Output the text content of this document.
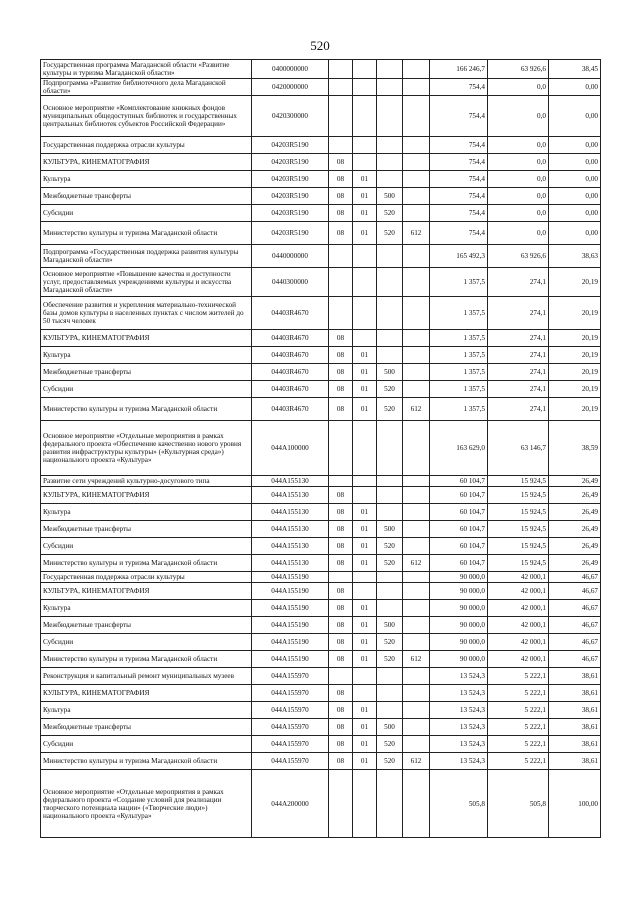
520
Государственная программа Магаданской области «Развитие культуры и туризма Магаданской области»	0400000000					166 246,7	63 926,6	38,45
Подпрограмма «Развитие библиотечного дела Магаданской области»	0420000000					754,4	0,0	0,00
Основное мероприятие «Комплектование книжных фондов муниципальных общедоступных библиотек и государственных центральных библиотек субъектов Российской Федерации»	0420300000					754,4	0,0	0,00
Государственная поддержка отрасли культуры	04203R5190					754,4	0,0	0,00
КУЛЬТУРА, КИНЕМАТОГРАФИЯ	04203R5190	08				754,4	0,0	0,00
Культура	04203R5190	08	01			754,4	0,0	0,00
Межбюджетные трансферты	04203R5190	08	01	500		754,4	0,0	0,00
Субсидии	04203R5190	08	01	520		754,4	0,0	0,00
Министерство культуры и туризма Магаданской области	04203R5190	08	01	520	612	754,4	0,0	0,00
Подпрограмма «Государственная поддержка развития культуры Магаданской области»	0440000000					165 492,3	63 926,6	38,63
Основное мероприятие «Повышение качества и доступности услуг, предоставляемых учреждениями культуры и искусства Магаданской области»	0440300000					1 357,5	274,1	20,19
Обеспечение развития и укрепления материально-технической базы домов культуры в населенных пунктах с числом жителей до 50 тысяч человек	04403R4670					1 357,5	274,1	20,19
КУЛЬТУРА, КИНЕМАТОГРАФИЯ	04403R4670	08				1 357,5	274,1	20,19
Культура	04403R4670	08	01			1 357,5	274,1	20,19
Межбюджетные трансферты	04403R4670	08	01	500		1 357,5	274,1	20,19
Субсидии	04403R4670	08	01	520		1 357,5	274,1	20,19
Министерство культуры и туризма Магаданской области	04403R4670	08	01	520	612	1 357,5	274,1	20,19
Основное мероприятие «Отдельные мероприятия в рамках федерального проекта «Обеспечение качественно нового уровня развития инфраструктуры культуры» («Культурная среда») национального проекта «Культура»	044A100000					163 629,0	63 146,7	38,59
Развитие сети учреждений культурно-досугового типа	044A155130					60 104,7	15 924,5	26,49
КУЛЬТУРА, КИНЕМАТОГРАФИЯ	044A155130	08				60 104,7	15 924,5	26,49
Культура	044A155130	08	01			60 104,7	15 924,5	26,49
Межбюджетные трансферты	044A155130	08	01	500		60 104,7	15 924,5	26,49
Субсидии	044A155130	08	01	520		60 104,7	15 924,5	26,49
Министерство культуры и туризма Магаданской области	044A155130	08	01	520	612	60 104,7	15 924,5	26,49
Государственная поддержка отрасли культуры	044A155190					90 000,0	42 000,1	46,67
КУЛЬТУРА, КИНЕМАТОГРАФИЯ	044A155190	08				90 000,0	42 000,1	46,67
Культура	044A155190	08	01			90 000,0	42 000,1	46,67
Межбюджетные трансферты	044A155190	08	01	500		90 000,0	42 000,1	46,67
Субсидии	044A155190	08	01	520		90 000,0	42 000,1	46,67
Министерство культуры и туризма Магаданской области	044A155190	08	01	520	612	90 000,0	42 000,1	46,67
Реконструкция и капитальный ремонт муниципальных музеев	044A155970					13 524,3	5 222,1	38,61
КУЛЬТУРА, КИНЕМАТОГРАФИЯ	044A155970	08				13 524,3	5 222,1	38,61
Культура	044A155970	08	01			13 524,3	5 222,1	38,61
Межбюджетные трансферты	044A155970	08	01	500		13 524,3	5 222,1	38,61
Субсидии	044A155970	08	01	520		13 524,3	5 222,1	38,61
Министерство культуры и туризма Магаданской области	044A155970	08	01	520	612	13 524,3	5 222,1	38,61
Основное мероприятие «Отдельные мероприятия в рамках федерального проекта «Создание условий для реализации творческого потенциала нации» («Творческие люди») национального проекта «Культура»	044A200000					505,8	505,8	100,00
